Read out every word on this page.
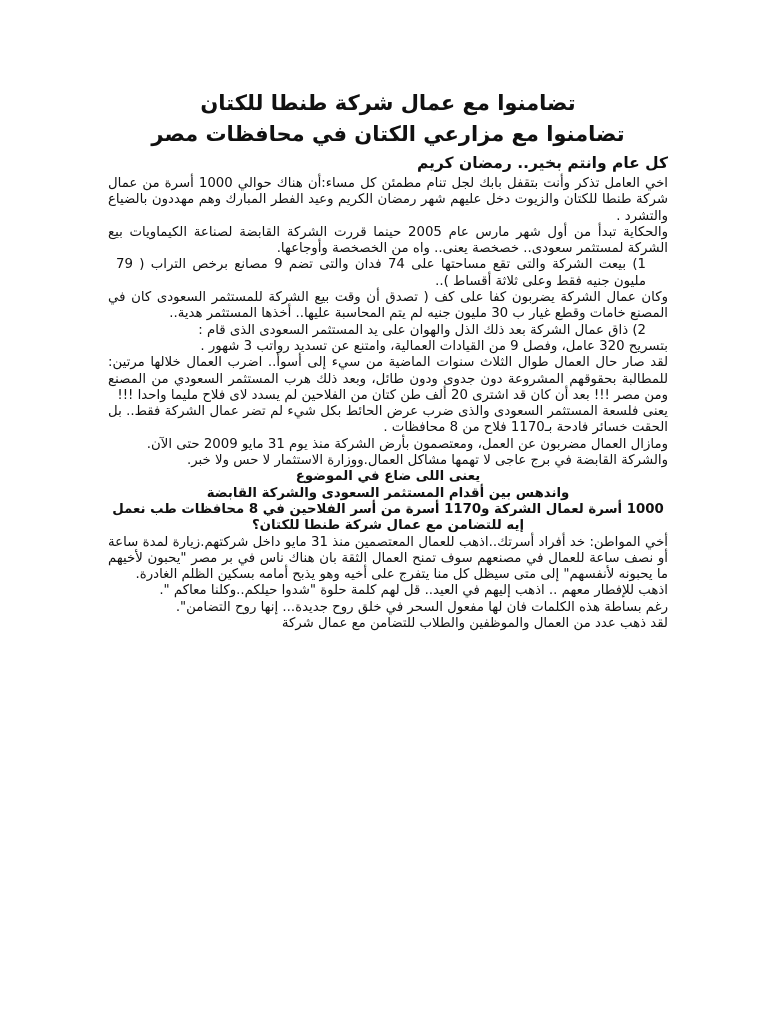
تضامنوا مع عمال شركة طنطا للكتان
تضامنوا مع مزارعي الكتان في محافظات مصر

كل عام وانتم بخير.. رمضان كريم

اخي العامل تذكر وأنت بتقفل بابك لجل تنام مطمئن كل مساء:أن هناك حوالي 1000 أسرة من عمال شركة طنطا للكتان والزيوت دخل عليهم شهر رمضان الكريم وعيد الفطر المبارك وهم مهددون بالضياع والتشرد .

والحكاية تبدأ من أول شهر مارس عام 2005 حينما قررت الشركة القابضة لصناعة الكيماويات بيع الشركة لمستثمر سعودى.. خصخصة يعنى.. واه من الخصخصة وأوجاعها.

1) بيعت الشركة والتى تقع مساحتها على 74 فدان والتى تضم 9 مصانع برخص التراب ( 79 مليون جنيه فقط وعلى ثلاثة أقساط )..

وكان عمال الشركة يضربون كفا على كف ( تصدق أن وقت بيع الشركة للمستثمر السعودى كان في المصنع خامات وقطع غيار ب 30 مليون جنيه لم يتم المحاسبة عليها.. أخذها المستثمر هدية..

2) ذاق عمال الشركة بعد ذلك الذل والهوان على يد المستثمر السعودى الذى قام :

بتسريح 320 عامل، وفصل 9 من القيادات العمالية، وامتنع عن تسديد رواتب 3 شهور .

لقد صار حال العمال طوال الثلاث سنوات الماضية من سيء إلى أسوأ.. اضرب العمال خلالها مرتين: للمطالبة بحقوقهم المشروعة دون جدوى ودون طائل، وبعد ذلك هرب المستثمر السعودي من المصنع ومن مصر !!! بعد أن كان قد اشترى 20 ألف طن كتان من الفلاحين لم يسدد لاى فلاح مليما واحدا !!!

يعنى فلسعة المستثمر السعودى والذى ضرب عرض الحائط بكل شيء لم تضر عمال الشركة فقط.. بل الحقت خسائر فادحة بـ1170 فلاح من 8 محافظات .

ومازال العمال مضربون عن العمل، ومعتصمون بأرض الشركة منذ يوم 31 مايو 2009 حتى الآن.

والشركة القابضة في برج عاجى لا تهمها مشاكل العمال.ووزارة الاستثمار لا حس ولا خبر.

يعنى اللى ضاع في الموضوع

واندهس بين أقدام المستثمر السعودى والشركة القابضة

1000 أسرة لعمال الشركة و1170 أسرة من أسر الفلاحين في 8 محافظات طب نعمل إيه للتضامن مع عمال شركة طنطا للكتان؟

أخي المواطن: خد أفراد أسرتك..اذهب للعمال المعتصمين منذ 31 مايو داخل شركتهم.زيارة لمدة ساعة أو نصف ساعة للعمال في مصنعهم سوف تمنح العمال الثقة بان هناك ناس في بر مصر "يحبون لأخيهم ما يحبونه لأنفسهم" إلى متى سيظل كل منا يتفرج على أخيه وهو يذبح أمامه بسكين الظلم الغادرة.

اذهب للإفطار معهم .. اذهب إليهم في العيد.. قل لهم كلمة حلوة "شدوا حيلكم..وكلنا معاكم ".

رغم بساطة هذه الكلمات فان لها مفعول السحر في خلق روح جديدة... إنها روح التضامن".

لقد ذهب عدد من العمال والموظفين والطلاب للتضامن مع عمال شركة
